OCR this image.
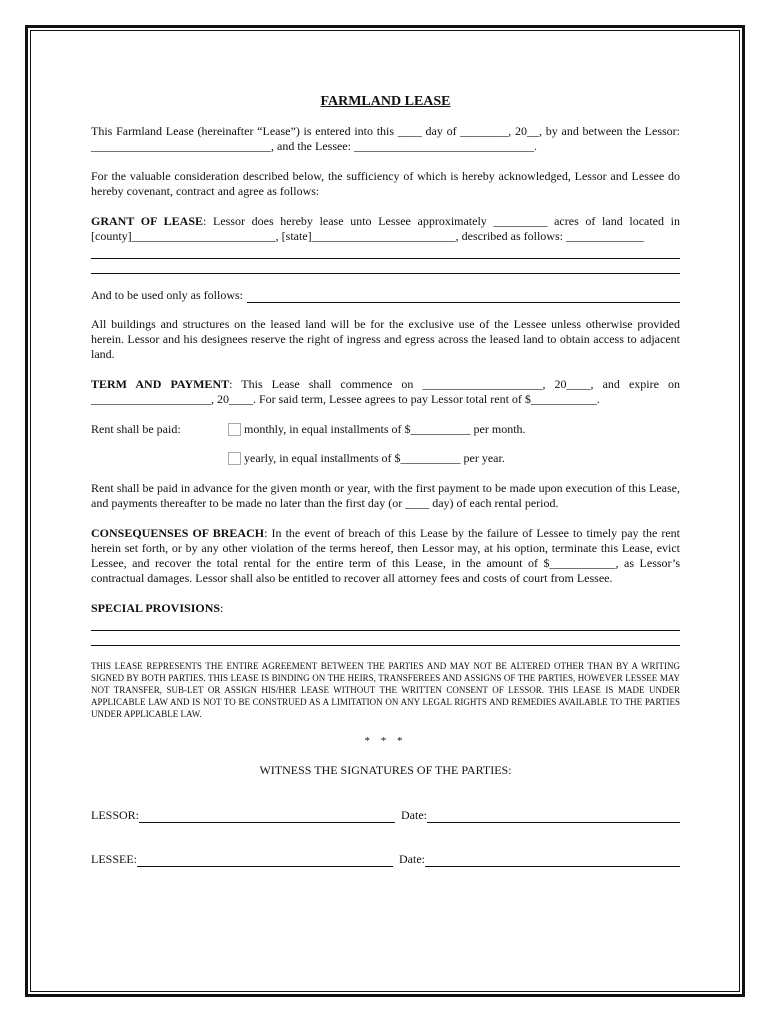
FARMLAND LEASE

This Farmland Lease (hereinafter “Lease”) is entered into this ____ day of ________, 20__, by and between the Lessor: ______________________________, and the Lessee: ______________________________.

For the valuable consideration described below, the sufficiency of which is hereby acknowledged, Lessor and Lessee do hereby covenant, contract and agree as follows:

GRANT OF LEASE: Lessor does hereby lease unto Lessee approximately _________ acres of land located in [county]________________________, [state]________________________, described as follows: _____________

And to be used only as follows:

All buildings and structures on the leased land will be for the exclusive use of the Lessee unless otherwise provided herein. Lessor and his designees reserve the right of ingress and egress across the leased land to obtain access to adjacent land.

TERM AND PAYMENT: This Lease shall commence on ____________________, 20____, and expire on ____________________, 20____. For said term, Lessee agrees to pay Lessor total rent of $___________.

Rent shall be paid:	monthly, in equal installments of $__________ per month.
yearly, in equal installments of $__________ per year.

Rent shall be paid in advance for the given month or year, with the first payment to be made upon execution of this Lease, and payments thereafter to be made no later than the first day (or ____ day) of each rental period.

CONSEQUENSES OF BREACH: In the event of breach of this Lease by the failure of Lessee to timely pay the rent herein set forth, or by any other violation of the terms hereof, then Lessor may, at his option, terminate this Lease, evict Lessee, and recover the total rental for the entire term of this Lease, in the amount of $___________, as Lessor’s contractual damages. Lessor shall also be entitled to recover all attorney fees and costs of court from Lessee.

SPECIAL PROVISIONS:

THIS LEASE REPRESENTS THE ENTIRE AGREEMENT BETWEEN THE PARTIES AND MAY NOT BE ALTERED OTHER THAN BY A WRITING SIGNED BY BOTH PARTIES. THIS LEASE IS BINDING ON THE HEIRS, TRANSFEREES AND ASSIGNS OF THE PARTIES, HOWEVER LESSEE MAY NOT TRANSFER, SUB-LET OR ASSIGN HIS/HER LEASE WITHOUT THE WRITTEN CONSENT OF LESSOR. THIS LEASE IS MADE UNDER APPLICABLE LAW AND IS NOT TO BE CONSTRUED AS A LIMITATION ON ANY LEGAL RIGHTS AND REMEDIES AVAILABLE TO THE PARTIES UNDER APPLICABLE LAW.

* * *
WITNESS THE SIGNATURES OF THE PARTIES:
LESSOR:	Date:
LESSEE:	Date:
